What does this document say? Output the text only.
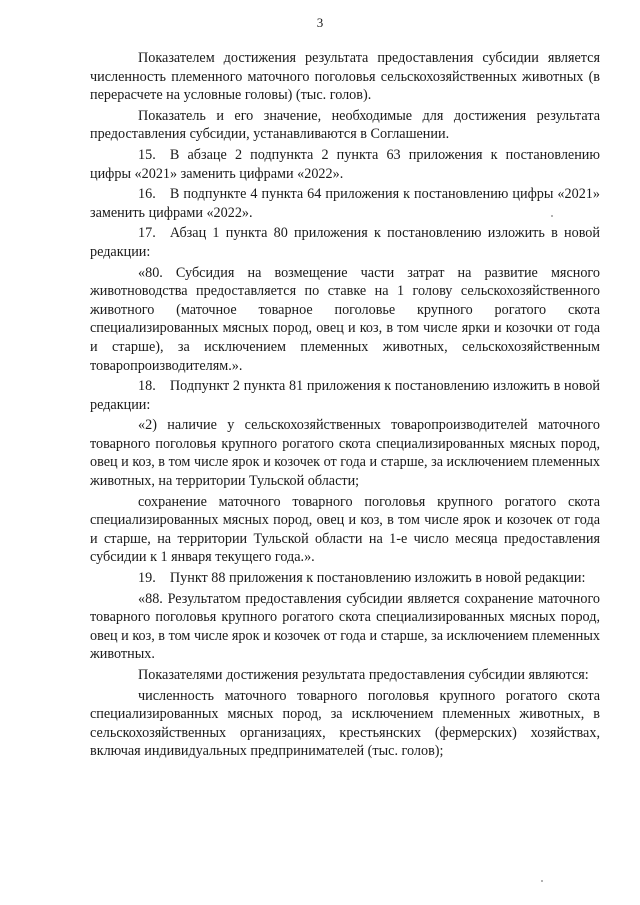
3

Показателем достижения результата предоставления субсидии является численность племенного маточного поголовья сельскохозяйственных животных (в перерасчете на условные головы) (тыс. голов).

Показатель и его значение, необходимые для достижения результата предоставления субсидии, устанавливаются в Соглашении.

15. В абзаце 2 подпункта 2 пункта 63 приложения к постановлению цифры «2021» заменить цифрами «2022».

16. В подпункте 4 пункта 64 приложения к постановлению цифры «2021» заменить цифрами «2022».

17. Абзац 1 пункта 80 приложения к постановлению изложить в новой редакции:

«80. Субсидия на возмещение части затрат на развитие мясного животноводства предоставляется по ставке на 1 голову сельскохозяйственного животного (маточное товарное поголовье крупного рогатого скота специализированных мясных пород, овец и коз, в том числе ярки и козочки от года и старше), за исключением племенных животных, сельскохозяйственным товаропроизводителям.».

18. Подпункт 2 пункта 81 приложения к постановлению изложить в новой редакции:

«2) наличие у сельскохозяйственных товаропроизводителей маточного товарного поголовья крупного рогатого скота специализированных мясных пород, овец и коз, в том числе ярок и козочек от года и старше, за исключением племенных животных, на территории Тульской области;

сохранение маточного товарного поголовья крупного рогатого скота специализированных мясных пород, овец и коз, в том числе ярок и козочек от года и старше, на территории Тульской области на 1-е число месяца предоставления субсидии к 1 января текущего года.».

19. Пункт 88 приложения к постановлению изложить в новой редакции:

«88. Результатом предоставления субсидии является сохранение маточного товарного поголовья крупного рогатого скота специализированных мясных пород, овец и коз, в том числе ярок и козочек от года и старше, за исключением племенных животных.

Показателями достижения результата предоставления субсидии являются:

численность маточного товарного поголовья крупного рогатого скота специализированных мясных пород, за исключением племенных животных, в сельскохозяйственных организациях, крестьянских (фермерских) хозяйствах, включая индивидуальных предпринимателей (тыс. голов);
